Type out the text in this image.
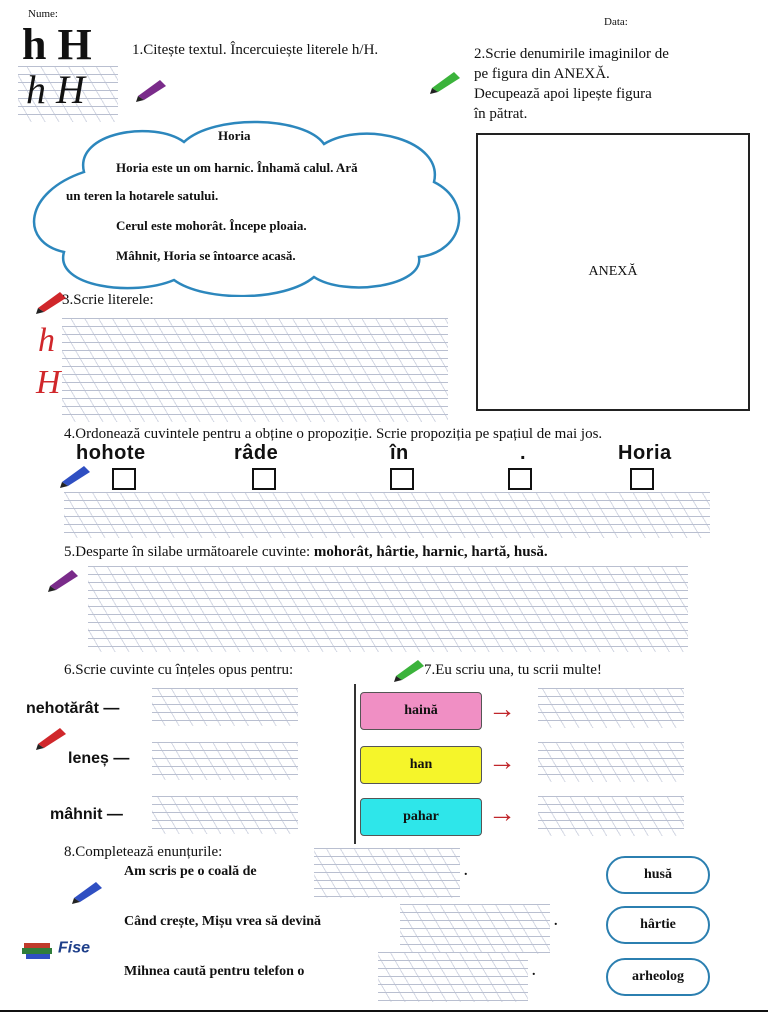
Nume:
Data:
h H
h H
1.Citește textul. Încercuiește literele h/H.
Horia
Horia este un om harnic. Înhamă calul. Ară
un teren la hotarele satului.
Cerul este mohorât. Începe ploaia.
Mâhnit, Horia se întoarce acasă.
2.Scrie denumirile imaginilor de
pe figura din ANEXĂ.
Decupează apoi lipește figura
în pătrat.
ANEXĂ
3.Scrie literele:
h
H
4.Ordonează cuvintele pentru a obține o propoziție. Scrie propoziția pe spațiul de mai jos.
hohote	râde	în	.	Horia
5.Desparte în silabe următoarele cuvinte: mohorât, hârtie, harnic, hartă, husă.
6.Scrie cuvinte cu înțeles opus pentru:
nehotărât —
leneș —
mâhnit —
7.Eu scriu una, tu scrii multe!
haină
han
pahar
→
→
→
8.Completează enunțurile:
Am scris pe o coală de	.
Când crește, Mișu vrea să devină	.
Mihnea caută pentru telefon o	.
husă
hârtie
arheolog
Fise
